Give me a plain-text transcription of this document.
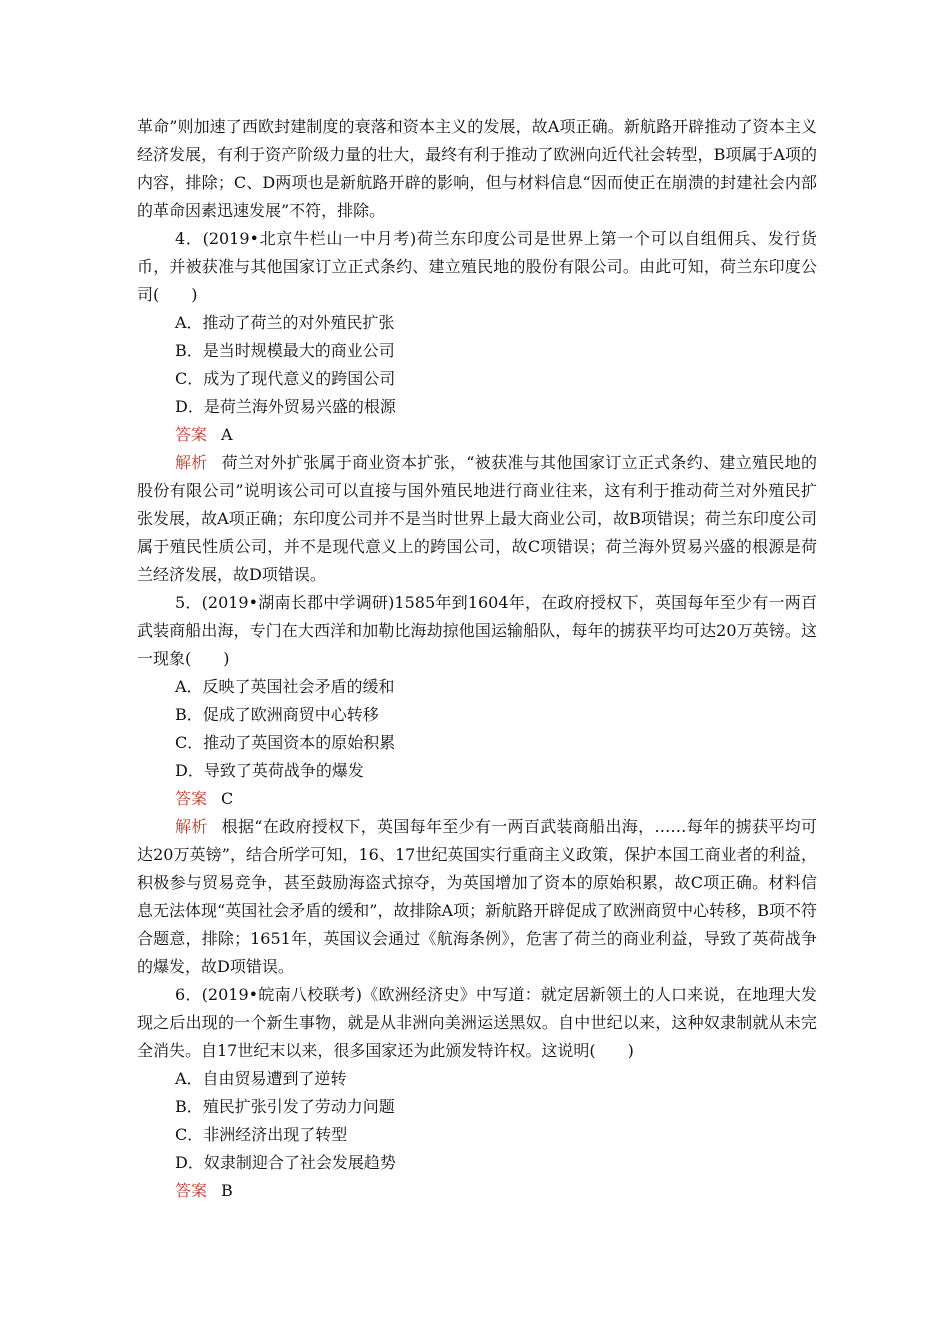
革命”则加速了西欧封建制度的衰落和资本主义的发展，故A项正确。新航路开辟推动了资本主义经济发展，有利于资产阶级力量的壮大，最终有利于推动了欧洲向近代社会转型，B项属于A项的内容，排除；C、D两项也是新航路开辟的影响，但与材料信息“因而使正在崩溃的封建社会内部的革命因素迅速发展”不符，排除。

4．(2019•北京牛栏山一中月考)荷兰东印度公司是世界上第一个可以自组佣兵、发行货币，并被获准与其他国家订立正式条约、建立殖民地的股份有限公司。由此可知，荷兰东印度公司(　　)

A．推动了荷兰的对外殖民扩张

B．是当时规模最大的商业公司

C．成为了现代意义的跨国公司

D．是荷兰海外贸易兴盛的根源

答案 A

解析 荷兰对外扩张属于商业资本扩张，“被获准与其他国家订立正式条约、建立殖民地的股份有限公司”说明该公司可以直接与国外殖民地进行商业往来，这有利于推动荷兰对外殖民扩张发展，故A项正确；东印度公司并不是当时世界上最大商业公司，故B项错误；荷兰东印度公司属于殖民性质公司，并不是现代意义上的跨国公司，故C项错误；荷兰海外贸易兴盛的根源是荷兰经济发展，故D项错误。

5．(2019•湖南长郡中学调研)1585年到1604年，在政府授权下，英国每年至少有一两百武装商船出海，专门在大西洋和加勒比海劫掠他国运输船队，每年的掳获平均可达20万英镑。这一现象(　　)

A．反映了英国社会矛盾的缓和

B．促成了欧洲商贸中心转移

C．推动了英国资本的原始积累

D．导致了英荷战争的爆发

答案 C

解析 根据“在政府授权下，英国每年至少有一两百武装商船出海，……每年的掳获平均可达20万英镑”，结合所学可知，16、17世纪英国实行重商主义政策，保护本国工商业者的利益，积极参与贸易竞争，甚至鼓励海盗式掠夺，为英国增加了资本的原始积累，故C项正确。材料信息无法体现“英国社会矛盾的缓和”，故排除A项；新航路开辟促成了欧洲商贸中心转移，B项不符合题意，排除；1651年，英国议会通过《航海条例》，危害了荷兰的商业利益，导致了英荷战争的爆发，故D项错误。

6．(2019•皖南八校联考)《欧洲经济史》中写道：就定居新领土的人口来说，在地理大发现之后出现的一个新生事物，就是从非洲向美洲运送黑奴。自中世纪以来，这种奴隶制就从未完全消失。自17世纪末以来，很多国家还为此颁发特许权。这说明(　　)

A．自由贸易遭到了逆转

B．殖民扩张引发了劳动力问题

C．非洲经济出现了转型

D．奴隶制迎合了社会发展趋势

答案 B
